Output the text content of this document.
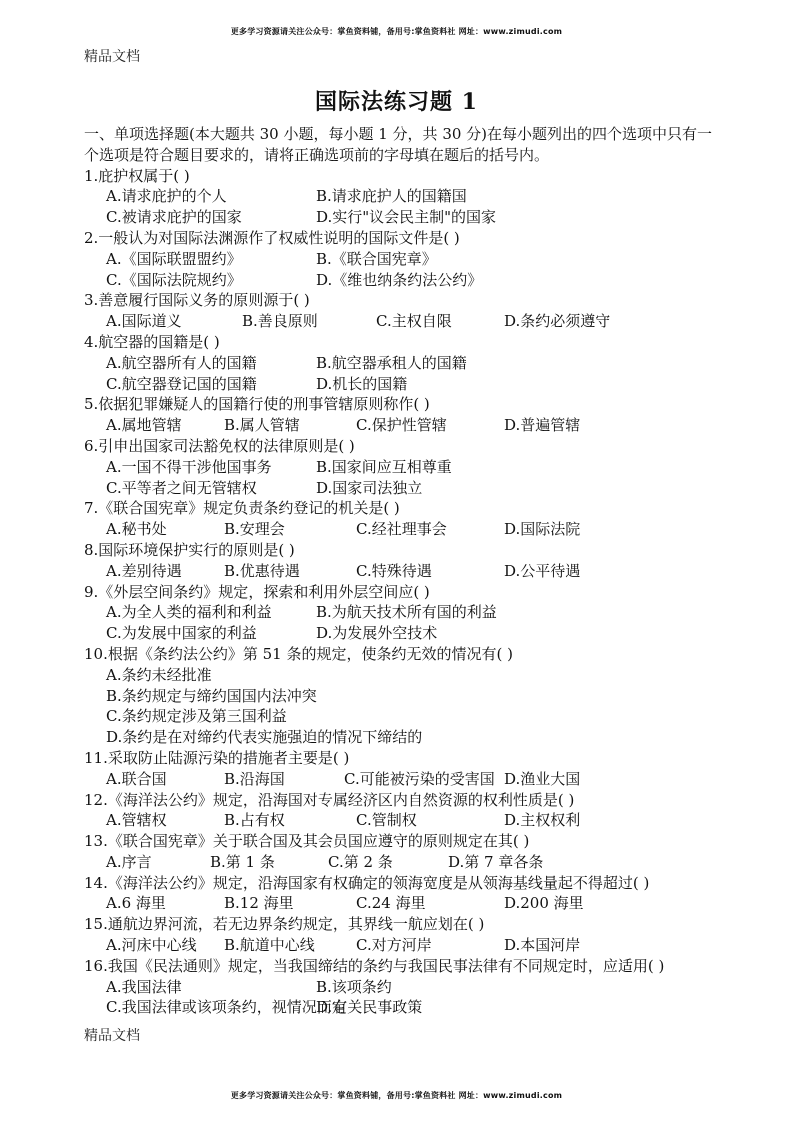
更多学习资源请关注公众号：掌鱼资料铺，备用号:掌鱼资料社 网址：www.zimudi.com
精品文档
国际法练习题 1

一、单项选择题(本大题共 30 小题，每小题 1 分，共 30 分)在每小题列出的四个选项中只有一个选项是符合题目要求的，请将正确选项前的字母填在题后的括号内。

1.庇护权属于( )
A.请求庇护的个人	B.请求庇护人的国籍国
C.被请求庇护的国家	D.实行"议会民主制"的国家
2.一般认为对国际法渊源作了权威性说明的国际文件是( )
A.《国际联盟盟约》	B.《联合国宪章》
C.《国际法院规约》	D.《维也纳条约法公约》
3.善意履行国际义务的原则源于( )
A.国际道义	B.善良原则	C.主权自限	D.条约必须遵守
4.航空器的国籍是( )
A.航空器所有人的国籍	B.航空器承租人的国籍
C.航空器登记国的国籍	D.机长的国籍
5.依据犯罪嫌疑人的国籍行使的刑事管辖原则称作( )
A.属地管辖	B.属人管辖	C.保护性管辖	D.普遍管辖
6.引申出国家司法豁免权的法律原则是( )
A.一国不得干涉他国事务	B.国家间应互相尊重
C.平等者之间无管辖权	D.国家司法独立
7.《联合国宪章》规定负责条约登记的机关是( )
A.秘书处	B.安理会	C.经社理事会	D.国际法院
8.国际环境保护实行的原则是( )
A.差别待遇	B.优惠待遇	C.特殊待遇	D.公平待遇
9.《外层空间条约》规定，探索和利用外层空间应( )
A.为全人类的福利和利益	B.为航天技术所有国的利益
C.为发展中国家的利益	D.为发展外空技术
10.根据《条约法公约》第 51 条的规定，使条约无效的情况有( )
A.条约未经批准
B.条约规定与缔约国国内法冲突
C.条约规定涉及第三国利益
D.条约是在对缔约代表实施强迫的情况下缔结的
11.采取防止陆源污染的措施者主要是( )
A.联合国	B.沿海国	C.可能被污染的受害国 D.渔业大国
12.《海洋法公约》规定，沿海国对专属经济区内自然资源的权利性质是( )
A.管辖权	B.占有权	C.管制权	D.主权权利
13.《联合国宪章》关于联合国及其会员国应遵守的原则规定在其( )
A.序言	B.第 1 条	C.第 2 条	D.第 7 章各条
14.《海洋法公约》规定，沿海国家有权确定的领海宽度是从领海基线量起不得超过( )
A.6 海里	B.12 海里	C.24 海里	D.200 海里
15.通航边界河流，若无边界条约规定，其界线一航应划在( )
A.河床中心线 B.航道中心线	C.对方河岸	D.本国河岸
16.我国《民法通则》规定，当我国缔结的条约与我国民事法律有不同规定时，应适用( )
A.我国法律	B.该项条约
C.我国法律或该项条约，视情况而定
D.有关民事政策
精品文档
更多学习资源请关注公众号：掌鱼资料铺，备用号:掌鱼资料社 网址：www.zimudi.com
